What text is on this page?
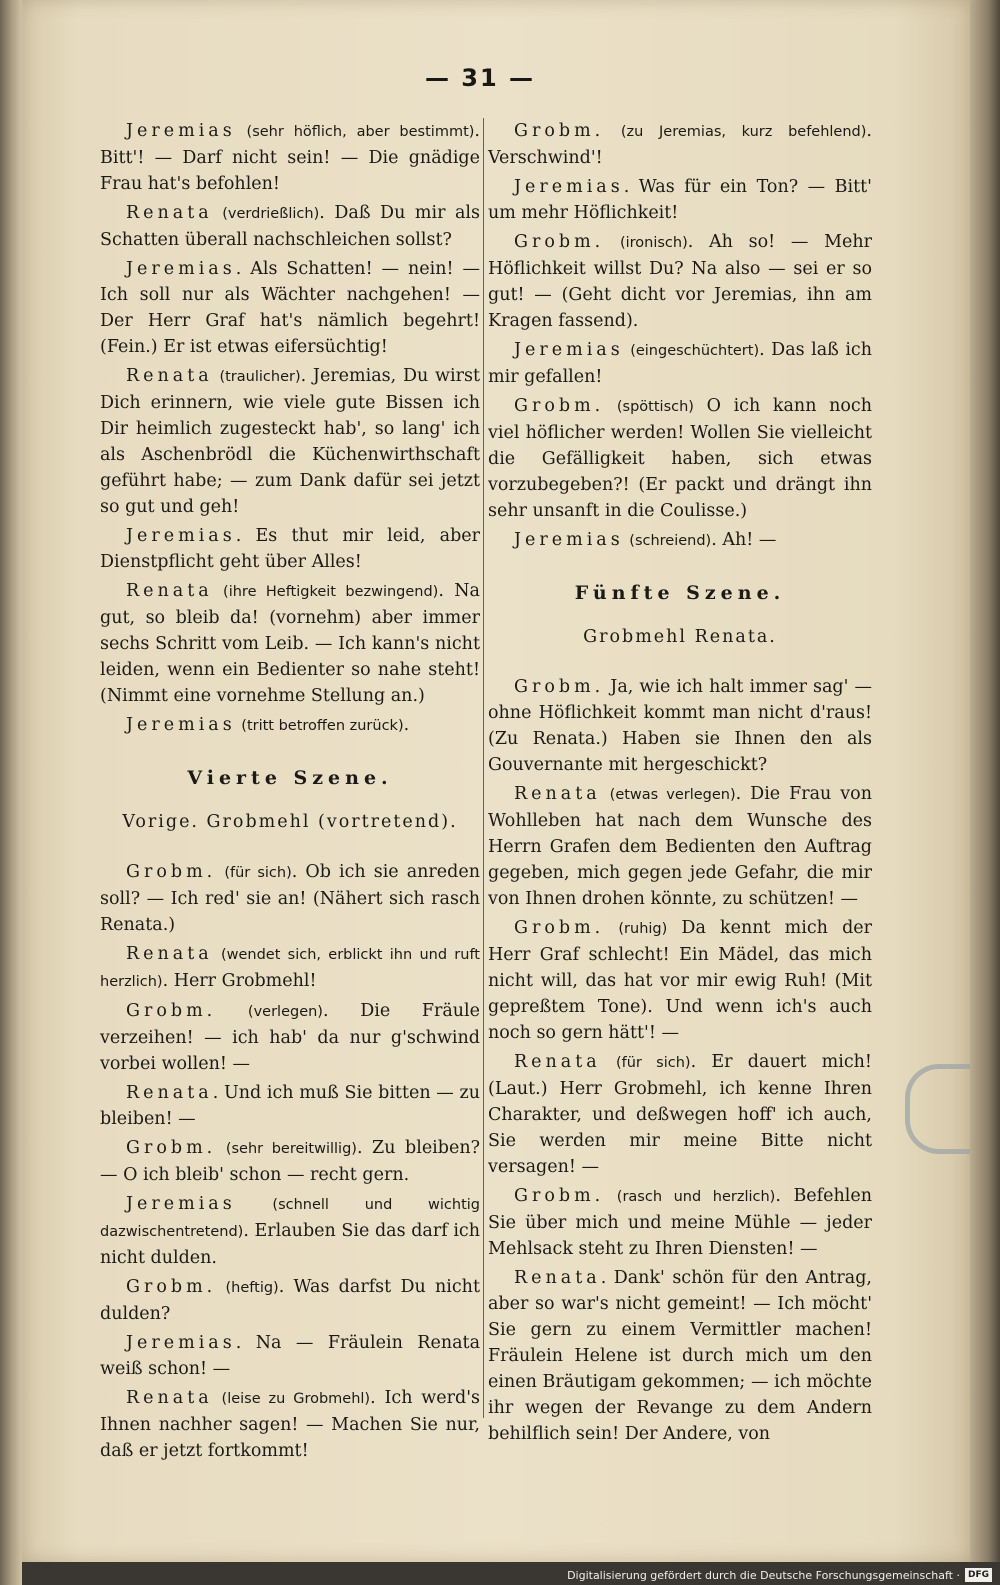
— 31 —

Jeremias (sehr höflich, aber bestimmt). Bitt'! — Darf nicht sein! — Die gnädige Frau hat's befohlen!

Renata (verdrießlich). Daß Du mir als Schatten überall nachschleichen sollst?

Jeremias. Als Schatten! — nein! — Ich soll nur als Wächter nachgehen! — Der Herr Graf hat's nämlich begehrt! (Fein.) Er ist etwas eifersüchtig!

Renata (traulicher). Jeremias, Du wirst Dich erinnern, wie viele gute Bissen ich Dir heimlich zugesteckt hab', so lang' ich als Aschenbrödl die Küchenwirthschaft geführt habe; — zum Dank dafür sei jetzt so gut und geh!

Jeremias. Es thut mir leid, aber Dienstpflicht geht über Alles!

Renata (ihre Heftigkeit bezwingend). Na gut, so bleib da! (vornehm) aber immer sechs Schritt vom Leib. — Ich kann's nicht leiden, wenn ein Bedienter so nahe steht! (Nimmt eine vornehme Stellung an.)

Jeremias (tritt betroffen zurück).

Vierte Szene.

Vorige. Grobmehl (vortretend).

Grobm. (für sich). Ob ich sie anreden soll? — Ich red' sie an! (Nähert sich rasch Renata.)

Renata (wendet sich, erblickt ihn und ruft herzlich). Herr Grobmehl!

Grobm. (verlegen). Die Fräule verzeihen! — ich hab' da nur g'schwind vorbei wollen! —

Renata. Und ich muß Sie bitten — zu bleiben! —

Grobm. (sehr bereitwillig). Zu bleiben? — O ich bleib' schon — recht gern.

Jeremias	(schnell und wichtig dazwischentretend). Erlauben Sie das darf ich nicht dulden.

Grobm. (heftig). Was darfst Du nicht dulden?

Jeremias. Na — Fräulein Renata weiß schon! —

Renata (leise zu Grobmehl). Ich werd's Ihnen nachher sagen! — Machen Sie nur, daß er jetzt fortkommt!

Grobm. (zu Jeremias, kurz befehlend). Verschwind'!

Jeremias. Was für ein Ton? — Bitt' um mehr Höflichkeit!

Grobm. (ironisch). Ah so! — Mehr Höflichkeit willst Du? Na also — sei er so gut! — (Geht dicht vor Jeremias, ihn am Kragen fassend).

Jeremias (eingeschüchtert). Das laß ich mir gefallen!

Grobm. (spöttisch) O ich kann noch viel höflicher werden! Wollen Sie vielleicht die Gefälligkeit haben, sich etwas vorzubegeben?! (Er packt und drängt ihn sehr unsanft in die Coulisse.)

Jeremias (schreiend). Ah! —

Fünfte Szene.

Grobmehl Renata.

Grobm. Ja, wie ich halt immer sag' — ohne Höflichkeit kommt man nicht d'raus! (Zu Renata.) Haben sie Ihnen den als Gouvernante mit hergeschickt?

Renata (etwas verlegen). Die Frau von Wohlleben hat nach dem Wunsche des Herrn Grafen dem Bedienten den Auftrag gegeben, mich gegen jede Gefahr, die mir von Ihnen drohen könnte, zu schützen! —

Grobm. (ruhig) Da kennt mich der Herr Graf schlecht! Ein Mädel, das mich nicht will, das hat vor mir ewig Ruh! (Mit gepreßtem Tone). Und wenn ich's auch noch so gern hätt'! —

Renata (für sich). Er dauert mich! (Laut.) Herr Grobmehl, ich kenne Ihren Charakter, und deßwegen hoff' ich auch, Sie werden mir meine Bitte nicht versagen! —

Grobm. (rasch und herzlich). Befehlen Sie über mich und meine Mühle — jeder Mehlsack steht zu Ihren Diensten! —

Renata. Dank' schön für den Antrag, aber so war's nicht gemeint! — Ich möcht' Sie gern zu einem Vermittler machen! Fräulein Helene ist durch mich um den einen Bräutigam gekommen; — ich möchte ihr wegen der Revange zu dem Andern behilflich sein! Der Andere, von

Digitalisierung gefördert durch die Deutsche Forschungsgemeinschaft · DFG
